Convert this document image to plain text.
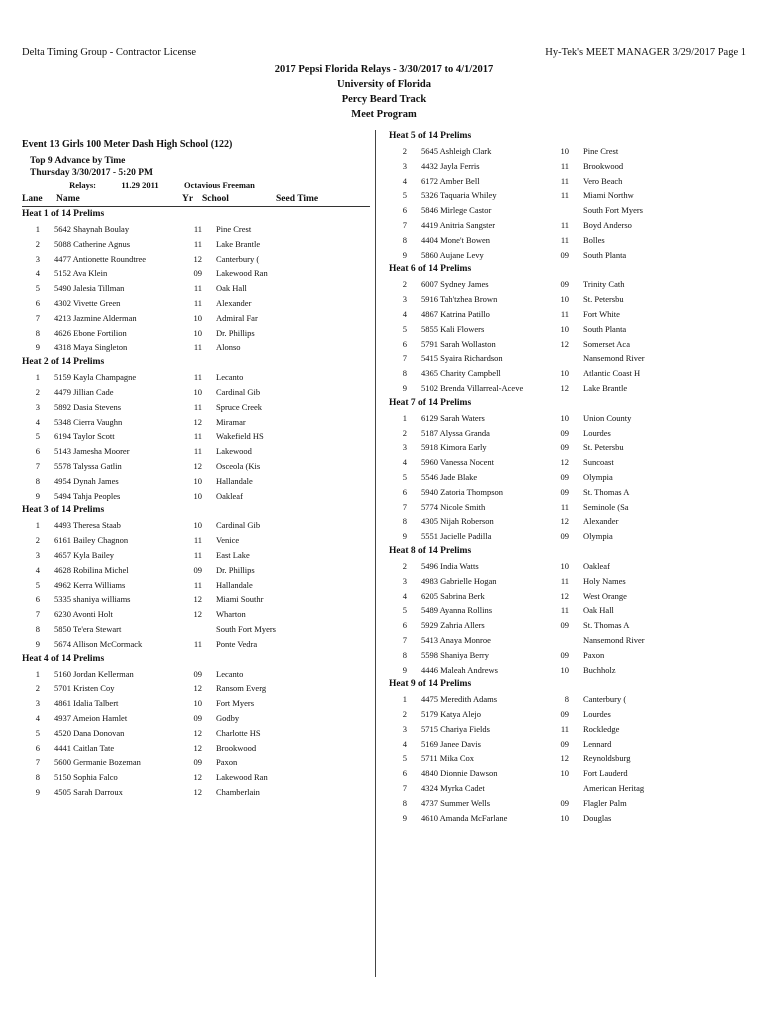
Delta Timing Group - Contractor License	Hy-Tek's MEET MANAGER 3/29/2017 Page 1
2017 Pepsi Florida Relays - 3/30/2017 to 4/1/2017
University of Florida
Percy Beard Track
Meet Program
Event 13 Girls 100 Meter Dash High School (122)
Top 9 Advance by Time
Thursday 3/30/2017 - 5:20 PM
Relays:	11.29 2011	Octavious Freeman
Lane	Name	Yr School	Seed Time
Heat 1 of 14 Prelims
1	5642 Shaynah Boulay	11	Pine Crest
2	5088 Catherine Agnus	11	Lake Brantle
3	4477 Antionette Roundtree	12	Canterbury (
4	5152 Ava Klein	09	Lakewood Ran
5	5490 Jalesia Tillman	11	Oak Hall
6	4302 Vivette Green	11	Alexander
7	4213 Jazmine Alderman	10	Admiral Far
8	4626 Ebone Fortilion	10	Dr. Phillips
9	4318 Maya Singleton	11	Alonso
Heat 2 of 14 Prelims
1	5159 Kayla Champagne	11	Lecanto
2	4479 Jillian Cade	10	Cardinal Gib
3	5892 Dasia Stevens	11	Spruce Creek
4	5348 Cierra Vaughn	12	Miramar
5	6194 Taylor Scott	11	Wakefield HS
6	5143 Jamesha Moorer	11	Lakewood
7	5578 Talyssa Gatlin	12	Osceola (Kis
8	4954 Dynah James	10	Hallandale
9	5494 Tahja Peoples	10	Oakleaf
Heat 3 of 14 Prelims
1	4493 Theresa Staab	10	Cardinal Gib
2	6161 Bailey Chagnon	11	Venice
3	4657 Kyla Bailey	11	East Lake
4	4628 Robilina Michel	09	Dr. Phillips
5	4962 Kerra Williams	11	Hallandale
6	5335 shaniya williams	12	Miami Southr
7	6230 Avonti Holt	12	Wharton
8	5850 Te'era Stewart	South Fort Myers
9	5674 Allison McCormack	11	Ponte Vedra
Heat 4 of 14 Prelims
1	5160 Jordan Kellerman	09	Lecanto
2	5701 Kristen Coy	12	Ransom Everg
3	4861 Idalia Talbert	10	Fort Myers
4	4937 Ameion Hamlet	09	Godby
5	4520 Dana Donovan	12	Charlotte HS
6	4441 Caitlan Tate	12	Brookwood
7	5600 Germanie Bozeman	09	Paxon
8	5150 Sophia Falco	12	Lakewood Ran
9	4505 Sarah Darroux	12	Chamberlain
Heat 5 of 14 Prelims
2	5645 Ashleigh Clark	10	Pine Crest
3	4432 Jayla Ferris	11	Brookwood
4	6172 Amber Bell	11	Vero Beach
5	5326 Taquaria Whiley	11	Miami Northw
6	5846 Mirlege Castor	South Fort Myers
7	4419 Anitria Sangster	11	Boyd Anderso
8	4404 Mone't Bowen	11	Bolles
9	5860 Aujane Levy	09	South Planta
Heat 6 of 14 Prelims
2	6007 Sydney James	09	Trinity Cath
3	5916 Tah'tzhea Brown	10	St. Petersbu
4	4867 Katrina Patillo	11	Fort White
5	5855 Kali Flowers	10	South Planta
6	5791 Sarah Wollaston	12	Somerset Aca
7	5415 Syaira Richardson	Nansemond River
8	4365 Charity Campbell	10	Atlantic Coast H
9	5102 Brenda Villarreal-Aceve	12	Lake Brantle
Heat 7 of 14 Prelims
1	6129 Sarah Waters	10	Union County
2	5187 Alyssa Granda	09	Lourdes
3	5918 Kimora Early	09	St. Petersbu
4	5960 Vanessa Nocent	12	Suncoast
5	5546 Jade Blake	09	Olympia
6	5940 Zatoria Thompson	09	St. Thomas A
7	5774 Nicole Smith	11	Seminole (Sa
8	4305 Nijah Roberson	12	Alexander
9	5551 Jacielle Padilla	09	Olympia
Heat 8 of 14 Prelims
2	5496 India Watts	10	Oakleaf
3	4983 Gabrielle Hogan	11	Holy Names
4	6205 Sabrina Berk	12	West Orange
5	5489 Ayanna Rollins	11	Oak Hall
6	5929 Zahria Allers	09	St. Thomas A
7	5413 Anaya Monroe	Nansemond River
8	5598 Shaniya Berry	09	Paxon
9	4446 Maleah Andrews	10	Buchholz
Heat 9 of 14 Prelims
1	4475 Meredith Adams	8	Canterbury (
2	5179 Katya Alejo	09	Lourdes
3	5715 Chariya Fields	11	Rockledge
4	5169 Janee Davis	09	Lennard
5	5711 Mika Cox	12	Reynoldsburg
6	4840 Dionnie Dawson	10	Fort Lauderd
7	4324 Myrka Cadet	American Heritag
8	4737 Summer Wells	09	Flagler Palm
9	4610 Amanda McFarlane	10	Douglas
